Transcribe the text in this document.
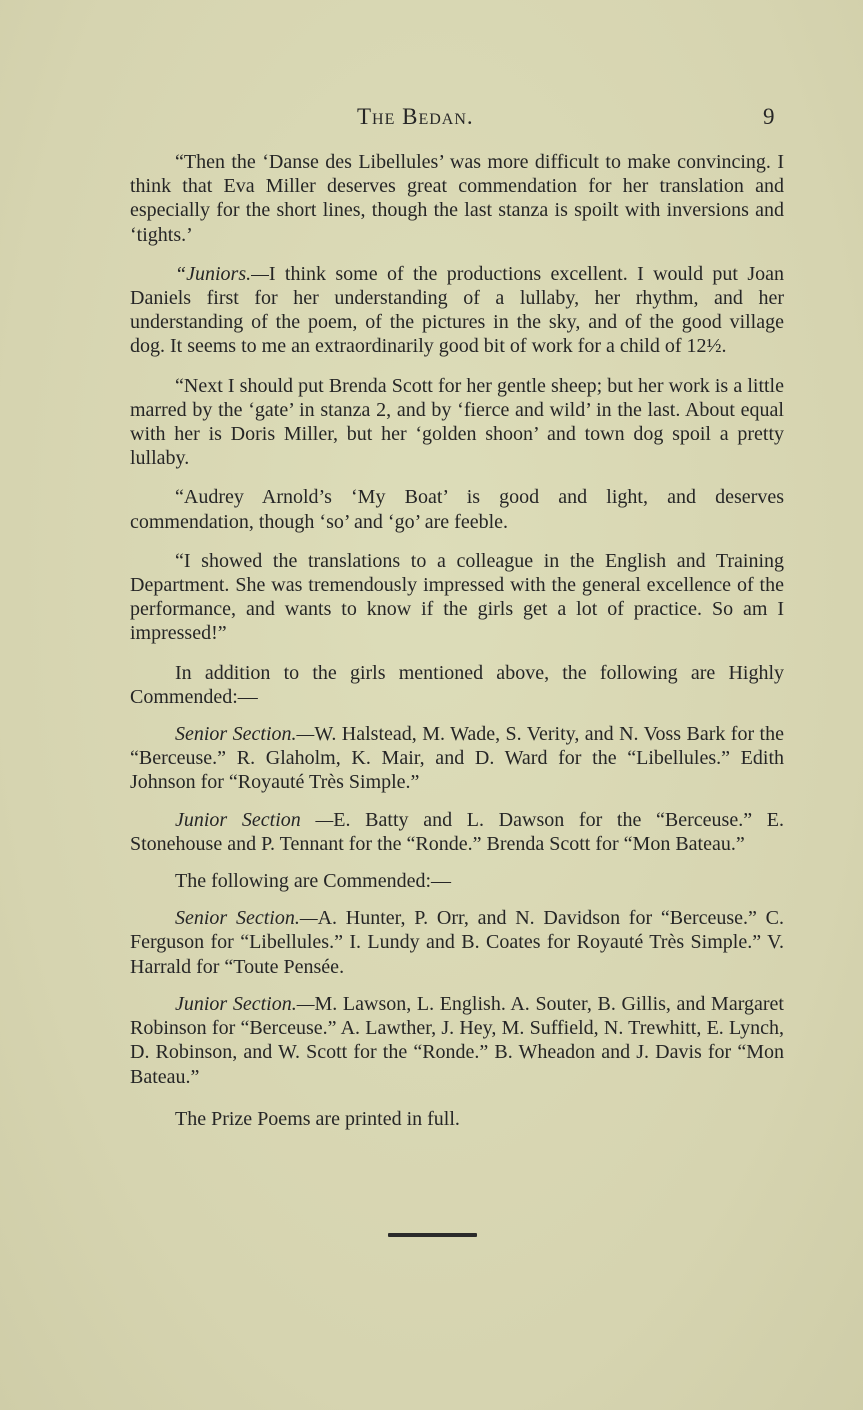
The Bedan.	9

“Then the ‘Danse des Libellules’ was more difficult to make convincing. I think that Eva Miller deserves great commendation for her translation and especially for the short lines, though the last stanza is spoilt with inversions and ‘tights.’

“Juniors.—I think some of the productions excellent. I would put Joan Daniels first for her understanding of a lullaby, her rhythm, and her understanding of the poem, of the pictures in the sky, and of the good village dog. It seems to me an extraordinarily good bit of work for a child of 12½.

“Next I should put Brenda Scott for her gentle sheep; but her work is a little marred by the ‘gate’ in stanza 2, and by ‘fierce and wild’ in the last. About equal with her is Doris Miller, but her ‘golden shoon’ and town dog spoil a pretty lullaby.

“Audrey Arnold’s ‘My Boat’ is good and light, and deserves commendation, though ‘so’ and ‘go’ are feeble.

“I showed the translations to a colleague in the English and Training Department. She was tremendously impressed with the general excellence of the performance, and wants to know if the girls get a lot of practice. So am I impressed!”

In addition to the girls mentioned above, the following are Highly Commended:—

Senior Section.—W. Halstead, M. Wade, S. Verity, and N. Voss Bark for the “Berceuse.” R. Glaholm, K. Mair, and D. Ward for the “Libellules.” Edith Johnson for “Royauté Très Simple.”

Junior Section —E. Batty and L. Dawson for the “Berceuse.” E. Stonehouse and P. Tennant for the “Ronde.” Brenda Scott for “Mon Bateau.”

The following are Commended:—

Senior Section.—A. Hunter, P. Orr, and N. Davidson for “Berceuse.” C. Ferguson for “Libellules.” I. Lundy and B. Coates for Royauté Très Simple.” V. Harrald for “Toute Pensée.

Junior Section.—M. Lawson, L. English. A. Souter, B. Gillis, and Margaret Robinson for “Berceuse.” A. Lawther, J. Hey, M. Suffield, N. Trewhitt, E. Lynch, D. Robinson, and W. Scott for the “Ronde.” B. Wheadon and J. Davis for “Mon Bateau.”

The Prize Poems are printed in full.
